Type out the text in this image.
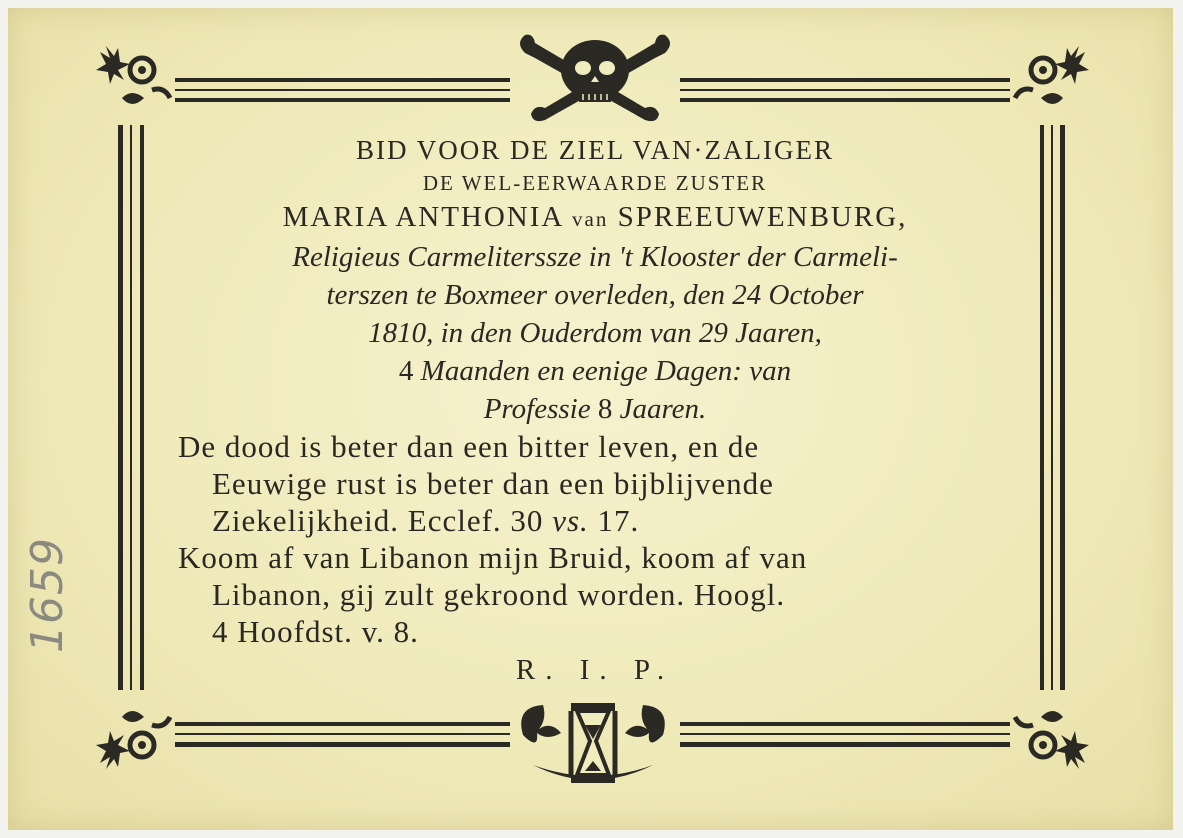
1659
BID VOOR DE ZIEL VAN·ZALIGER
DE WEL-EERWAARDE ZUSTER
MARIA ANTHONIA van SPREEUWENBURG,
Religieus Carmeliterssze in 't Klooster der Carmeli-
terszen te Boxmeer overleden, den 24 October
1810, in den Ouderdom van 29 Jaaren,
4 Maanden en eenige Dagen: van
Professie 8 Jaaren.
De dood is beter dan een bitter leven, en de
Eeuwige rust is beter dan een bijblijvende
Ziekelijkheid. Ecclef. 30 vs. 17.
Koom af van Libanon mijn Bruid, koom af van
Libanon, gij zult gekroond worden. Hoogl.
4 Hoofdst. v. 8.
R. I. P.
